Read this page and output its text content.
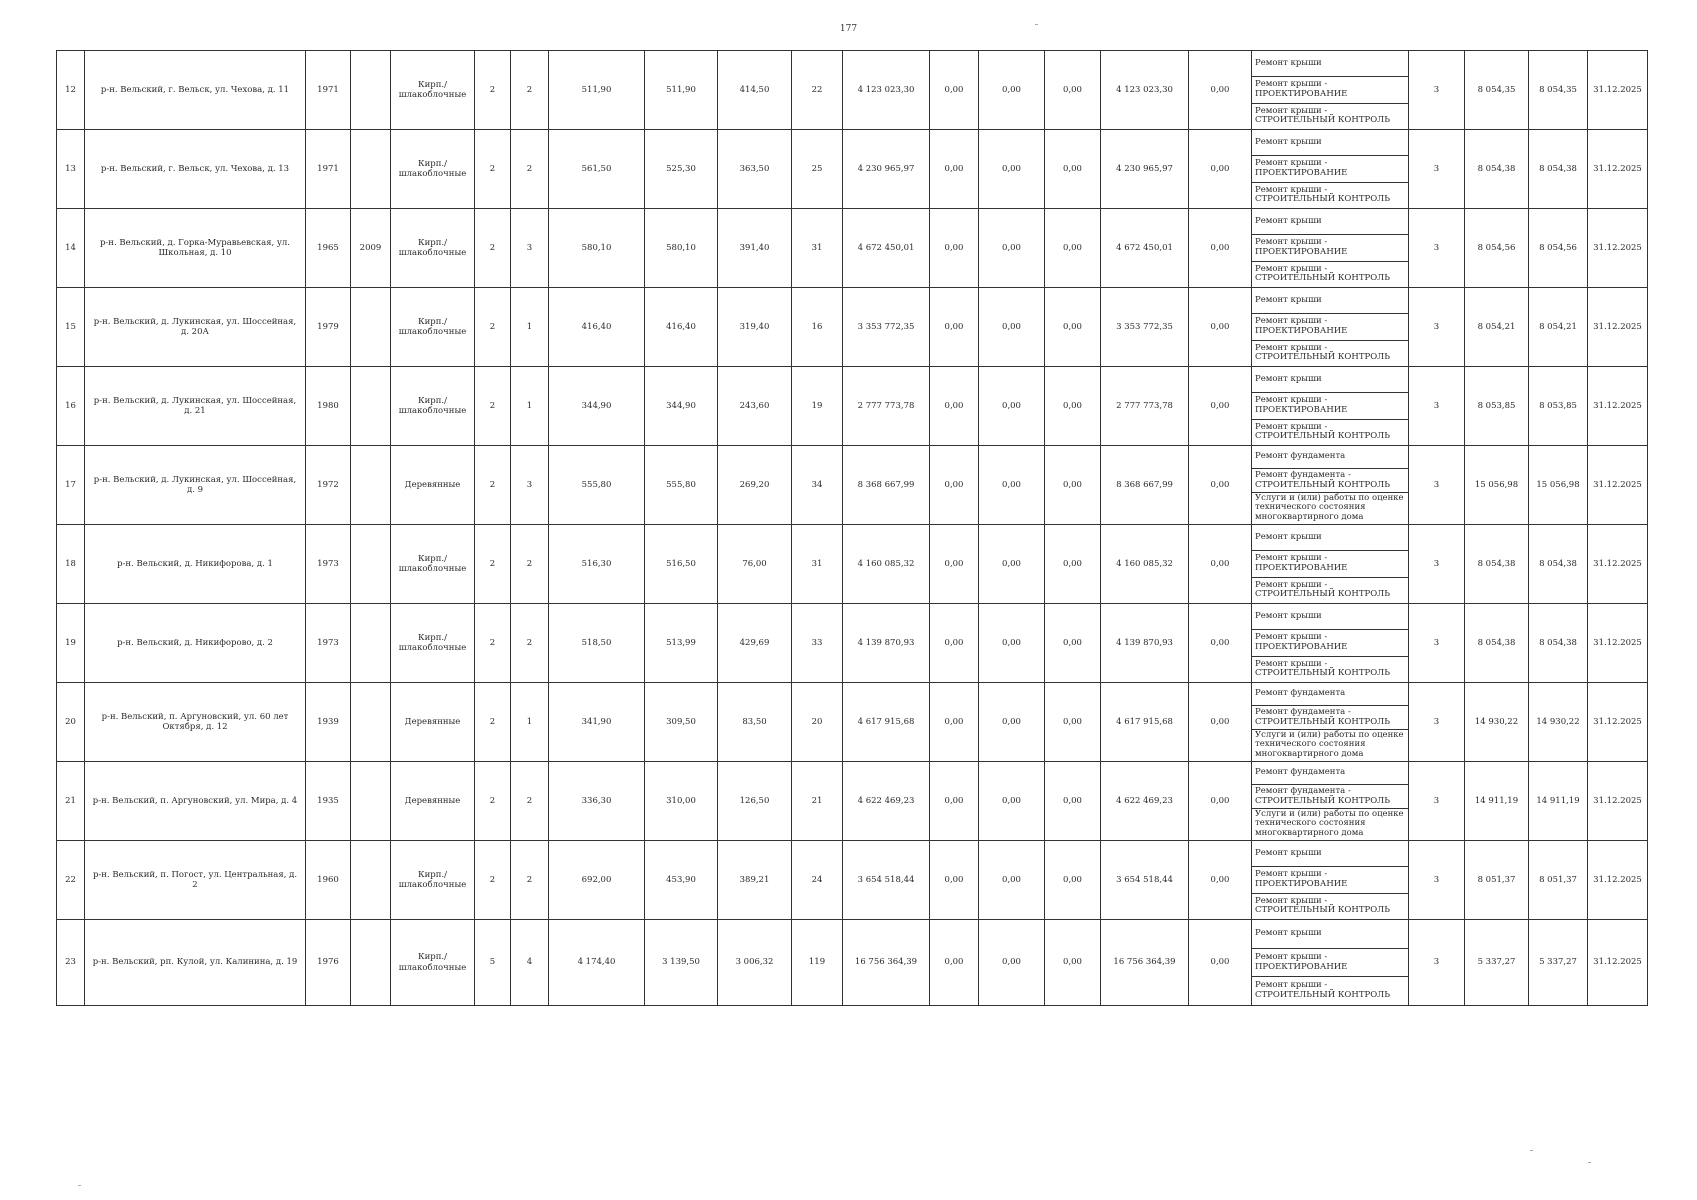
177
12	р-н. Вельский, г. Вельск, ул. Чехова, д. 11	1971		Кирп./ шлакоблочные	2	2	511,90	511,90	414,50	22	4 123 023,30	0,00	0,00	0,00	4 123 023,30	0,00	Ремонт крыши
Ремонт крыши - ПРОЕКТИРОВАНИЕ
Ремонт крыши - СТРОИТЕЛЬНЫЙ КОНТРОЛЬ	3	8 054,35	8 054,35	31.12.2025
13	р-н. Вельский, г. Вельск, ул. Чехова, д. 13	1971		Кирп./ шлакоблочные	2	2	561,50	525,30	363,50	25	4 230 965,97	0,00	0,00	0,00	4 230 965,97	0,00	Ремонт крыши
Ремонт крыши - ПРОЕКТИРОВАНИЕ
Ремонт крыши - СТРОИТЕЛЬНЫЙ КОНТРОЛЬ	3	8 054,38	8 054,38	31.12.2025
14	р-н. Вельский, д. Горка-Муравьевская, ул. Школьная, д. 10	1965	2009	Кирп./ шлакоблочные	2	3	580,10	580,10	391,40	31	4 672 450,01	0,00	0,00	0,00	4 672 450,01	0,00	Ремонт крыши
Ремонт крыши - ПРОЕКТИРОВАНИЕ
Ремонт крыши - СТРОИТЕЛЬНЫЙ КОНТРОЛЬ	3	8 054,56	8 054,56	31.12.2025
15	р-н. Вельский, д. Лукинская, ул. Шоссейная, д. 20А	1979		Кирп./ шлакоблочные	2	1	416,40	416,40	319,40	16	3 353 772,35	0,00	0,00	0,00	3 353 772,35	0,00	Ремонт крыши
Ремонт крыши - ПРОЕКТИРОВАНИЕ
Ремонт крыши - СТРОИТЕЛЬНЫЙ КОНТРОЛЬ	3	8 054,21	8 054,21	31.12.2025
16	р-н. Вельский, д. Лукинская, ул. Шоссейная, д. 21	1980		Кирп./ шлакоблочные	2	1	344,90	344,90	243,60	19	2 777 773,78	0,00	0,00	0,00	2 777 773,78	0,00	Ремонт крыши
Ремонт крыши - ПРОЕКТИРОВАНИЕ
Ремонт крыши - СТРОИТЕЛЬНЫЙ КОНТРОЛЬ	3	8 053,85	8 053,85	31.12.2025
17	р-н. Вельский, д. Лукинская, ул. Шоссейная, д. 9	1972		Деревянные	2	3	555,80	555,80	269,20	34	8 368 667,99	0,00	0,00	0,00	8 368 667,99	0,00	Ремонт фундамента
Ремонт фундамента - СТРОИТЕЛЬНЫЙ КОНТРОЛЬ
Услуги и (или) работы по оценке технического состояния многоквартирного дома	3	15 056,98	15 056,98	31.12.2025
18	р-н. Вельский, д. Никифорова, д. 1	1973		Кирп./ шлакоблочные	2	2	516,30	516,50	76,00	31	4 160 085,32	0,00	0,00	0,00	4 160 085,32	0,00	Ремонт крыши
Ремонт крыши - ПРОЕКТИРОВАНИЕ
Ремонт крыши - СТРОИТЕЛЬНЫЙ КОНТРОЛЬ	3	8 054,38	8 054,38	31.12.2025
19	р-н. Вельский, д. Никифорово, д. 2	1973		Кирп./ шлакоблочные	2	2	518,50	513,99	429,69	33	4 139 870,93	0,00	0,00	0,00	4 139 870,93	0,00	Ремонт крыши
Ремонт крыши - ПРОЕКТИРОВАНИЕ
Ремонт крыши - СТРОИТЕЛЬНЫЙ КОНТРОЛЬ	3	8 054,38	8 054,38	31.12.2025
20	р-н. Вельский, п. Аргуновский, ул. 60 лет Октября, д. 12	1939		Деревянные	2	1	341,90	309,50	83,50	20	4 617 915,68	0,00	0,00	0,00	4 617 915,68	0,00	Ремонт фундамента
Ремонт фундамента - СТРОИТЕЛЬНЫЙ КОНТРОЛЬ
Услуги и (или) работы по оценке технического состояния многоквартирного дома	3	14 930,22	14 930,22	31.12.2025
21	р-н. Вельский, п. Аргуновский, ул. Мира, д. 4	1935		Деревянные	2	2	336,30	310,00	126,50	21	4 622 469,23	0,00	0,00	0,00	4 622 469,23	0,00	Ремонт фундамента
Ремонт фундамента - СТРОИТЕЛЬНЫЙ КОНТРОЛЬ
Услуги и (или) работы по оценке технического состояния многоквартирного дома	3	14 911,19	14 911,19	31.12.2025
22	р-н. Вельский, п. Погост, ул. Центральная, д. 2	1960		Кирп./ шлакоблочные	2	2	692,00	453,90	389,21	24	3 654 518,44	0,00	0,00	0,00	3 654 518,44	0,00	Ремонт крыши
Ремонт крыши - ПРОЕКТИРОВАНИЕ
Ремонт крыши - СТРОИТЕЛЬНЫЙ КОНТРОЛЬ	3	8 051,37	8 051,37	31.12.2025
23	р-н. Вельский, рп. Кулой, ул. Калинина, д. 19	1976		Кирп./ шлакоблочные	5	4	4 174,40	3 139,50	3 006,32	119	16 756 364,39	0,00	0,00	0,00	16 756 364,39	0,00	Ремонт крыши
Ремонт крыши - ПРОЕКТИРОВАНИЕ
Ремонт крыши - СТРОИТЕЛЬНЫЙ КОНТРОЛЬ	3	5 337,27	5 337,27	31.12.2025
